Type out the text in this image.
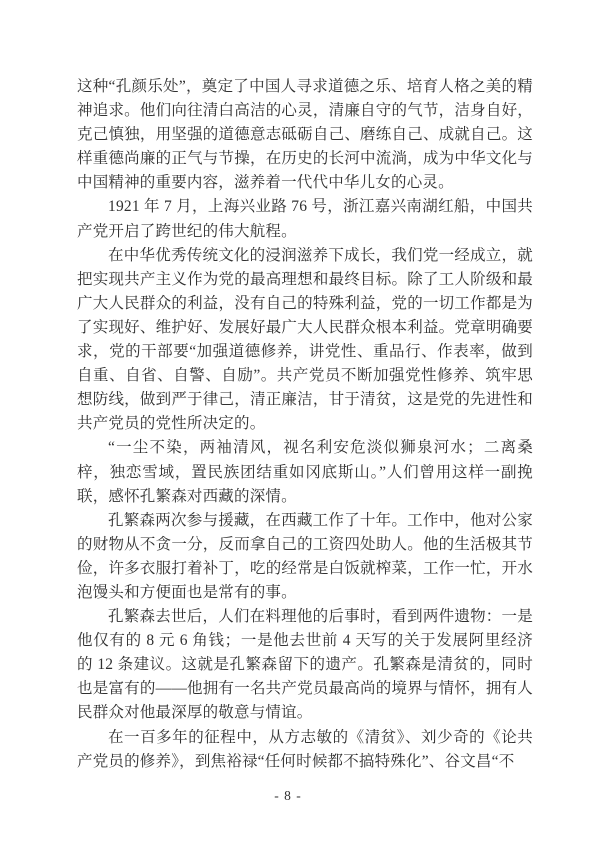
这种“孔颜乐处”，奠定了中国人寻求道德之乐、培育人格之美的精神追求。他们向往清白高洁的心灵，清廉自守的气节，洁身自好，克己慎独，用坚强的道德意志砥砺自己、磨练自己、成就自己。这样重德尚廉的正气与节操，在历史的长河中流淌，成为中华文化与中国精神的重要内容，滋养着一代代中华儿女的心灵。

1921 年 7 月，上海兴业路 76 号，浙江嘉兴南湖红船，中国共产党开启了跨世纪的伟大航程。

在中华优秀传统文化的浸润滋养下成长，我们党一经成立，就把实现共产主义作为党的最高理想和最终目标。除了工人阶级和最广大人民群众的利益，没有自己的特殊利益，党的一切工作都是为了实现好、维护好、发展好最广大人民群众根本利益。党章明确要求，党的干部要“加强道德修养，讲党性、重品行、作表率，做到自重、自省、自警、自励”。共产党员不断加强党性修养、筑牢思想防线，做到严于律己，清正廉洁，甘于清贫，这是党的先进性和共产党员的党性所决定的。

“一尘不染，两袖清风，视名利安危淡似狮泉河水；二离桑梓，独恋雪域，置民族团结重如冈底斯山。”人们曾用这样一副挽联，感怀孔繁森对西藏的深情。

孔繁森两次参与援藏，在西藏工作了十年。工作中，他对公家的财物从不贪一分，反而拿自己的工资四处助人。他的生活极其节俭，许多衣服打着补丁，吃的经常是白饭就榨菜，工作一忙，开水泡馒头和方便面也是常有的事。

孔繁森去世后，人们在料理他的后事时，看到两件遗物：一是他仅有的 8 元 6 角钱；一是他去世前 4 天写的关于发展阿里经济的 12 条建议。这就是孔繁森留下的遗产。孔繁森是清贫的，同时也是富有的——他拥有一名共产党员最高尚的境界与情怀，拥有人民群众对他最深厚的敬意与情谊。

在一百多年的征程中，从方志敏的《清贫》、刘少奇的《论共产党员的修养》，到焦裕禄“任何时候都不搞特殊化”、谷文昌“不

- 8 -
